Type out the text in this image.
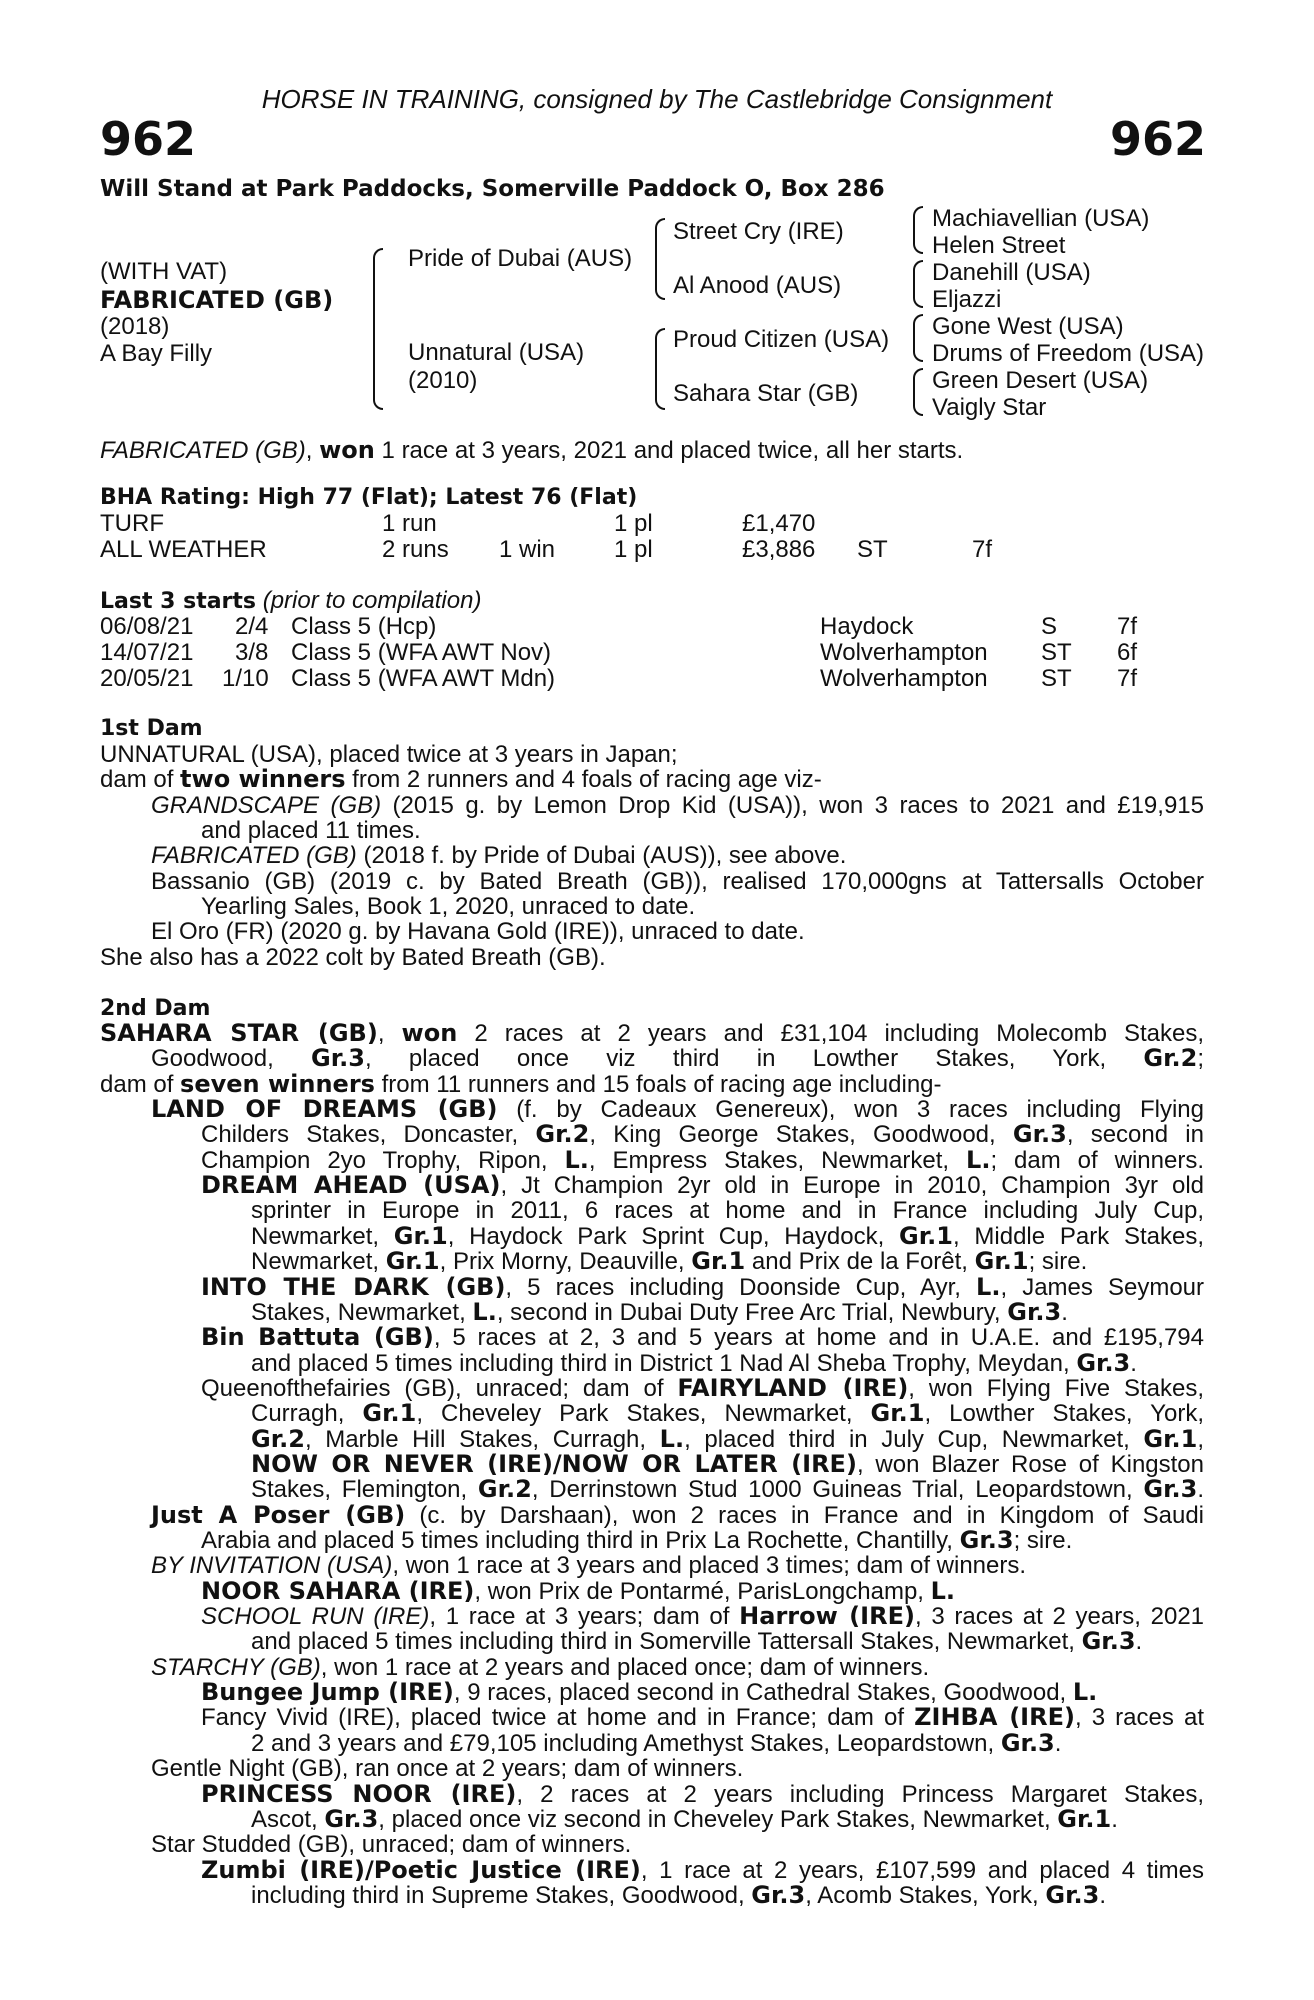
HORSE IN TRAINING, consigned by The Castlebridge Consignment
962	962
Will Stand at Park Paddocks, Somerville Paddock O, Box 286
(WITH VAT)
FABRICATED (GB)
(2018)
A Bay Filly
Pride of Dubai (AUS)
Unnatural (USA)
(2010)
Street Cry (IRE)
Al Anood (AUS)
Proud Citizen (USA)
Sahara Star (GB)
Machiavellian (USA)
Helen Street
Danehill (USA)
Eljazzi
Gone West (USA)
Drums of Freedom (USA)
Green Desert (USA)
Vaigly Star
FABRICATED (GB), won 1 race at 3 years, 2021 and placed twice, all her starts.
BHA Rating: High 77 (Flat); Latest 76 (Flat)
TURF	1 run	1 pl	£1,470
ALL WEATHER	2 runs 1 win 1 pl	£3,886 ST	7f
Last 3 starts (prior to compilation)
06/08/21 2/4 Class 5 (Hcp)	Haydock	S 7f
14/07/21 3/8 Class 5 (WFA AWT Nov)	Wolverhampton ST 6f
20/05/21 1/10 Class 5 (WFA AWT Mdn)	Wolverhampton ST 7f
1st Dam
UNNATURAL (USA), placed twice at 3 years in Japan;
dam of two winners from 2 runners and 4 foals of racing age viz-
GRANDSCAPE (GB) (2015 g. by Lemon Drop Kid (USA)), won 3 races to 2021 and £19,915
and placed 11 times.
FABRICATED (GB) (2018 f. by Pride of Dubai (AUS)), see above.
Bassanio (GB) (2019 c. by Bated Breath (GB)), realised 170,000gns at Tattersalls October
Yearling Sales, Book 1, 2020, unraced to date.
El Oro (FR) (2020 g. by Havana Gold (IRE)), unraced to date.
She also has a 2022 colt by Bated Breath (GB).
2nd Dam
SAHARA STAR (GB), won 2 races at 2 years and £31,104 including Molecomb Stakes,
Goodwood, Gr.3, placed once viz third in Lowther Stakes, York, Gr.2;
dam of seven winners from 11 runners and 15 foals of racing age including-
LAND OF DREAMS (GB) (f. by Cadeaux Genereux), won 3 races including Flying
Childers Stakes, Doncaster, Gr.2, King George Stakes, Goodwood, Gr.3, second in
Champion 2yo Trophy, Ripon, L., Empress Stakes, Newmarket, L.; dam of winners.
DREAM AHEAD (USA), Jt Champion 2yr old in Europe in 2010, Champion 3yr old
sprinter in Europe in 2011, 6 races at home and in France including July Cup,
Newmarket, Gr.1, Haydock Park Sprint Cup, Haydock, Gr.1, Middle Park Stakes,
Newmarket, Gr.1, Prix Morny, Deauville, Gr.1 and Prix de la Forêt, Gr.1; sire.
INTO THE DARK (GB), 5 races including Doonside Cup, Ayr, L., James Seymour
Stakes, Newmarket, L., second in Dubai Duty Free Arc Trial, Newbury, Gr.3.
Bin Battuta (GB), 5 races at 2, 3 and 5 years at home and in U.A.E. and £195,794
and placed 5 times including third in District 1 Nad Al Sheba Trophy, Meydan, Gr.3.
Queenofthefairies (GB), unraced; dam of FAIRYLAND (IRE), won Flying Five Stakes,
Curragh, Gr.1, Cheveley Park Stakes, Newmarket, Gr.1, Lowther Stakes, York,
Gr.2, Marble Hill Stakes, Curragh, L., placed third in July Cup, Newmarket, Gr.1,
NOW OR NEVER (IRE)/NOW OR LATER (IRE), won Blazer Rose of Kingston
Stakes, Flemington, Gr.2, Derrinstown Stud 1000 Guineas Trial, Leopardstown, Gr.3.
Just A Poser (GB) (c. by Darshaan), won 2 races in France and in Kingdom of Saudi
Arabia and placed 5 times including third in Prix La Rochette, Chantilly, Gr.3; sire.
BY INVITATION (USA), won 1 race at 3 years and placed 3 times; dam of winners.
NOOR SAHARA (IRE), won Prix de Pontarmé, ParisLongchamp, L.
SCHOOL RUN (IRE), 1 race at 3 years; dam of Harrow (IRE), 3 races at 2 years, 2021
and placed 5 times including third in Somerville Tattersall Stakes, Newmarket, Gr.3.
STARCHY (GB), won 1 race at 2 years and placed once; dam of winners.
Bungee Jump (IRE), 9 races, placed second in Cathedral Stakes, Goodwood, L.
Fancy Vivid (IRE), placed twice at home and in France; dam of ZIHBA (IRE), 3 races at
2 and 3 years and £79,105 including Amethyst Stakes, Leopardstown, Gr.3.
Gentle Night (GB), ran once at 2 years; dam of winners.
PRINCESS NOOR (IRE), 2 races at 2 years including Princess Margaret Stakes,
Ascot, Gr.3, placed once viz second in Cheveley Park Stakes, Newmarket, Gr.1.
Star Studded (GB), unraced; dam of winners.
Zumbi (IRE)/Poetic Justice (IRE), 1 race at 2 years, £107,599 and placed 4 times
including third in Supreme Stakes, Goodwood, Gr.3, Acomb Stakes, York, Gr.3.
